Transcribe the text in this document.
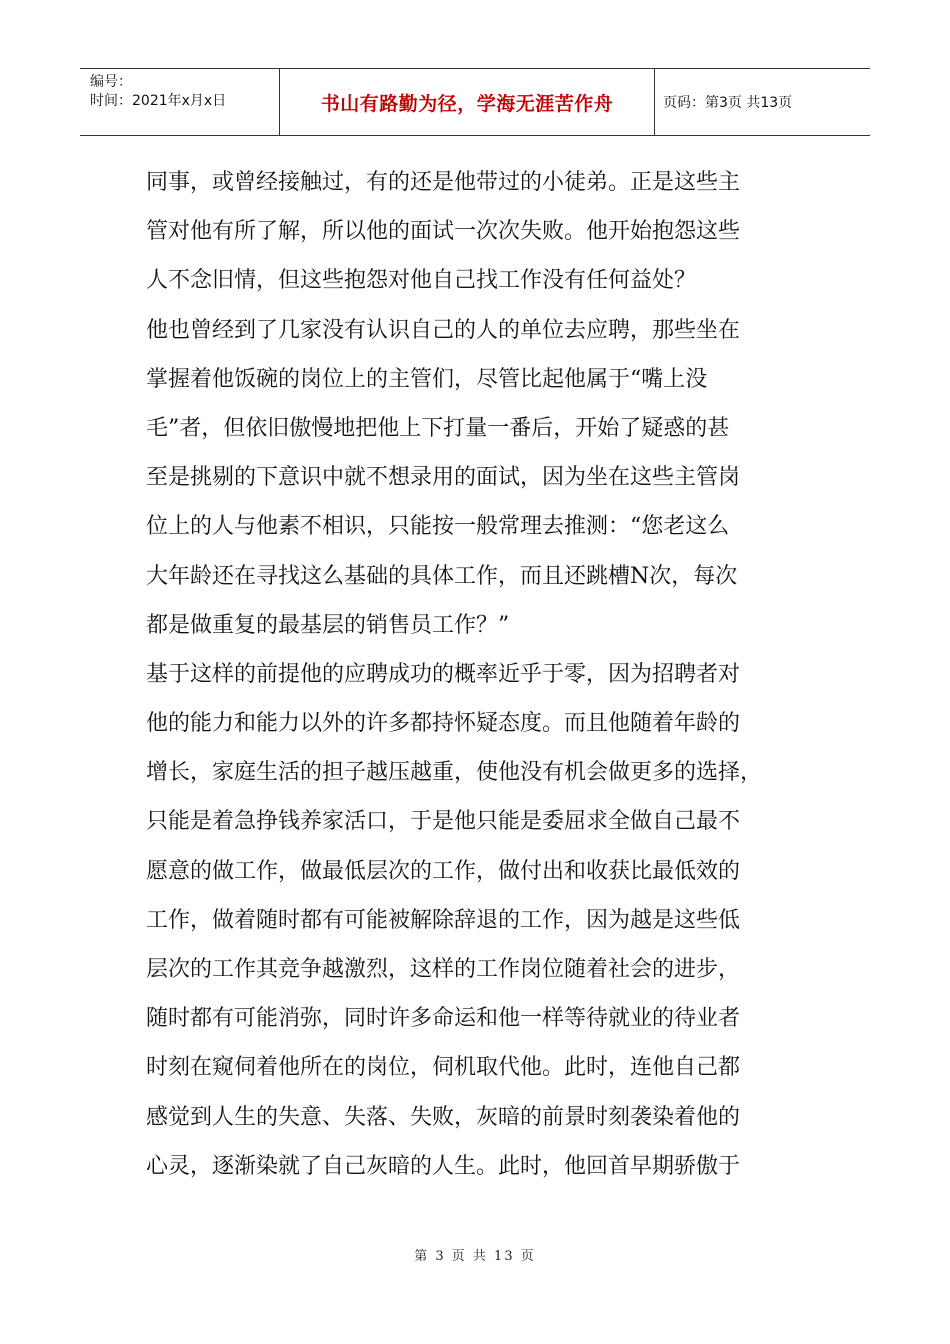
编号：
时间：2021年x月x日	书山有路勤为径，学海无涯苦作舟	页码：第3页 共13页
同事，或曾经接触过，有的还是他带过的小徒弟。正是这些主
管对他有所了解，所以他的面试一次次失败。他开始抱怨这些
人不念旧情，但这些抱怨对他自己找工作没有任何益处？
他也曾经到了几家没有认识自己的人的单位去应聘，那些坐在
掌握着他饭碗的岗位上的主管们，尽管比起他属于“嘴上没
毛”者，但依旧傲慢地把他上下打量一番后，开始了疑惑的甚
至是挑剔的下意识中就不想录用的面试，因为坐在这些主管岗
位上的人与他素不相识，只能按一般常理去推测：“您老这么
大年龄还在寻找这么基础的具体工作，而且还跳槽N次，每次
都是做重复的最基层的销售员工作？”
基于这样的前提他的应聘成功的概率近乎于零，因为招聘者对
他的能力和能力以外的许多都持怀疑态度。而且他随着年龄的
增长，家庭生活的担子越压越重，使他没有机会做更多的选择，
只能是着急挣钱养家活口，于是他只能是委屈求全做自己最不
愿意的做工作，做最低层次的工作，做付出和收获比最低效的
工作，做着随时都有可能被解除辞退的工作，因为越是这些低
层次的工作其竞争越激烈，这样的工作岗位随着社会的进步，
随时都有可能消弥，同时许多命运和他一样等待就业的待业者
时刻在窥伺着他所在的岗位，伺机取代他。此时，连他自己都
感觉到人生的失意、失落、失败，灰暗的前景时刻袭染着他的
心灵，逐渐染就了自己灰暗的人生。此时，他回首早期骄傲于
第 3 页 共 13 页
